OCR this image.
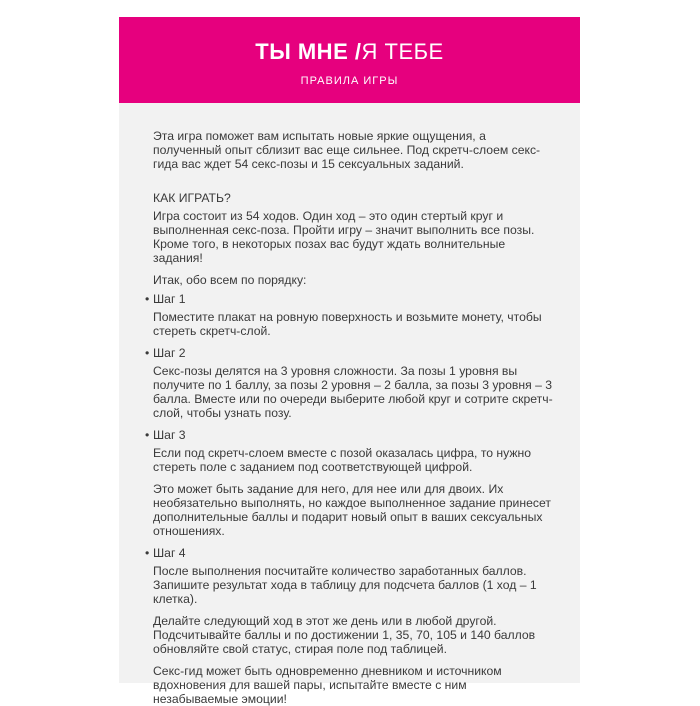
ТЫ МНЕ /Я ТЕБЕ
ПРАВИЛА ИГРЫ

Эта игра поможет вам испытать новые яркие ощущения, а полученный опыт сблизит вас еще сильнее. Под скретч-слоем секс-гида вас ждет 54 секс-позы и 15 сексуальных заданий.

КАК ИГРАТЬ?

Игра состоит из 54 ходов. Один ход – это один стертый круг и выполненная секс-поза. Пройти игру – значит выполнить все позы. Кроме того, в некоторых позах вас будут ждать волнительные задания!

Итак, обо всем по порядку:

• Шаг 1

Поместите плакат на ровную поверхность и возьмите монету, чтобы стереть скретч-слой.

• Шаг 2

Секс-позы делятся на 3 уровня сложности. За позы 1 уровня вы получите по 1 баллу, за позы 2 уровня – 2 балла, за позы 3 уровня – 3 балла. Вместе или по очереди выберите любой круг и сотрите скретч-слой, чтобы узнать позу.

• Шаг 3

Если под скретч-слоем вместе с позой оказалась цифра, то нужно стереть поле с заданием под соответствующей цифрой.

Это может быть задание для него, для нее или для двоих. Их необязательно выполнять, но каждое выполненное задание принесет дополнительные баллы и подарит новый опыт в ваших сексуальных отношениях.

• Шаг 4

После выполнения посчитайте количество заработанных баллов. Запишите результат хода в таблицу для подсчета баллов (1 ход – 1 клетка).

Делайте следующий ход в этот же день или в любой другой. Подсчитывайте баллы и по достижении 1, 35, 70, 105 и 140 баллов обновляйте свой статус, стирая поле под таблицей.

Секс-гид может быть одновременно дневником и источником вдохновения для вашей пары, испытайте вместе с ним незабываемые эмоции!
